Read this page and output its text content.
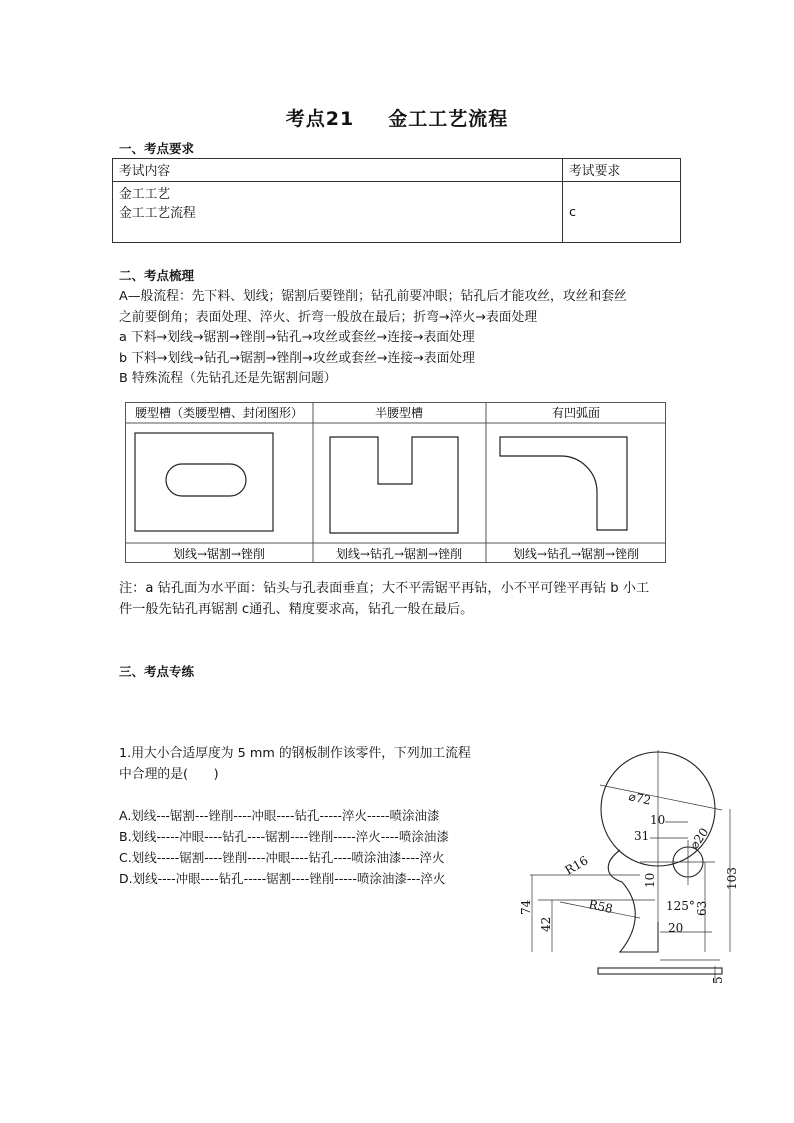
考点21 金工工艺流程
一、考点要求
考试内容	考试要求

金工工艺
金工工艺流程	c
二、考点梳理
A—般流程：先下料、划线；锯割后要锉削；钻孔前要冲眼；钻孔后才能攻丝，攻丝和套丝
之前要倒角；表面处理、淬火、折弯一般放在最后；折弯→淬火→表面处理
a 下料→划线→锯割→锉削→钻孔→攻丝或套丝→连接→表面处理
b 下料→划线→钻孔→锯割→锉削→攻丝或套丝→连接→表面处理
B 特殊流程（先钻孔还是先锯割问题）
腰型槽（类腰型槽、封闭图形）	半腰型槽	有凹弧面
划线→锯割→锉削	划线→钻孔→锯割→锉削	划线→钻孔→锯割→锉削
注：a 钻孔面为水平面：钻头与孔表面垂直；大不平需锯平再钻，小不平可锉平再钻 b 小工
件一般先钻孔再锯割 c通孔、精度要求高，钻孔一般在最后。
三、考点专练
1.用大小合适厚度为 5 mm 的钢板制作该零件，下列加工流程
中合理的是(　　)
A.划线---锯割---锉削----冲眼----钻孔-----淬火-----喷涂油漆
B.划线-----冲眼----钻孔----锯割----锉削-----淬火----喷涂油漆
C.划线-----锯割----锉削----冲眼----钻孔----喷涂油漆----淬火
D.划线----冲眼----钻孔-----锯割----锉削-----喷涂油漆---淬火
⌀72
10
31	⌀20
R16
10
R58	125°
20
74
42
63
103
5
